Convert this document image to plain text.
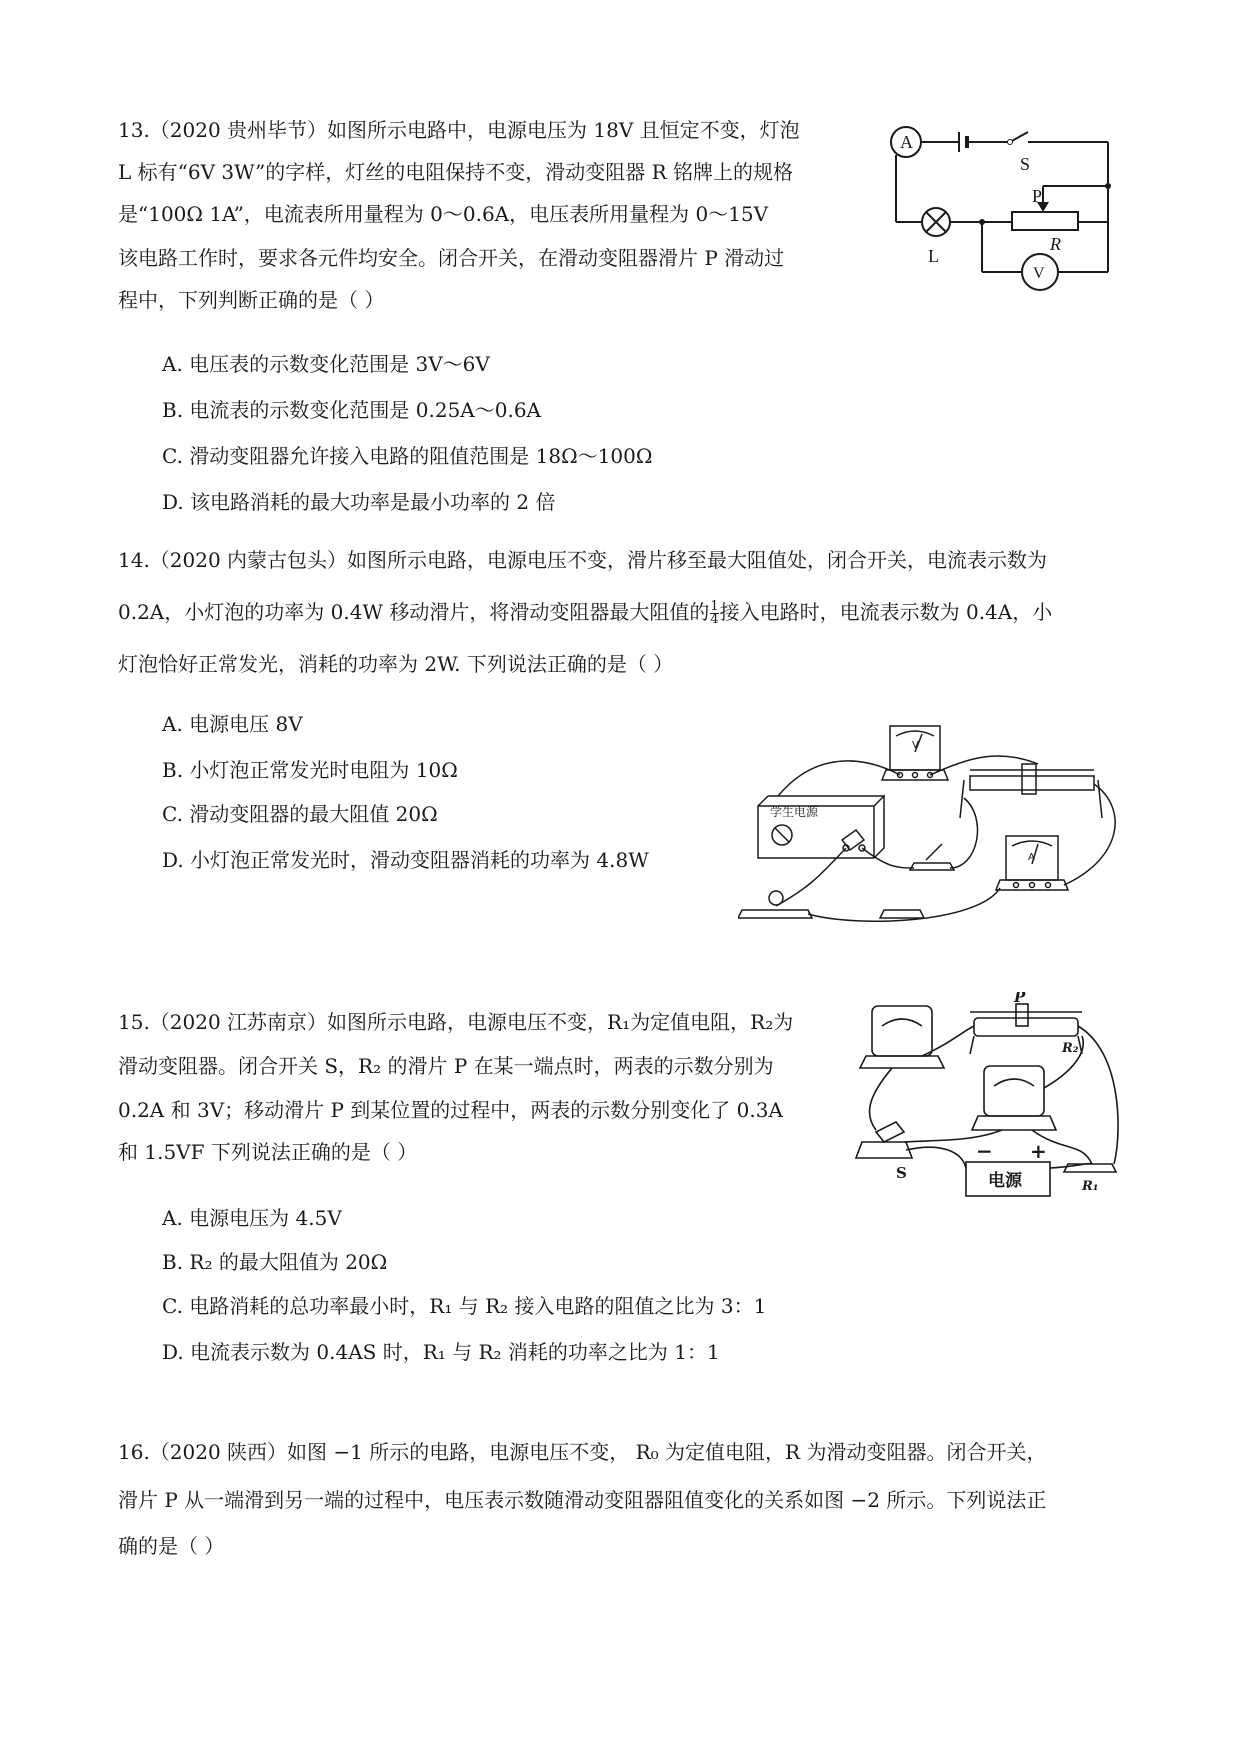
13.（2020 贵州毕节）如图所示电路中，电源电压为 18V 且恒定不变，灯泡
L 标有“6V 3W”的字样，灯丝的电阻保持不变，滑动变阻器 R 铭牌上的规格
是“100Ω 1A”，电流表所用量程为 0～0.6A，电压表所用量程为 0～15V
该电路工作时，要求各元件均安全。闭合开关，在滑动变阻器滑片 P 滑动过
程中，下列判断正确的是（ ）
A. 电压表的示数变化范围是 3V～6V
B. 电流表的示数变化范围是 0.25A～0.6A
C. 滑动变阻器允许接入电路的阻值范围是 18Ω～100Ω
D. 该电路消耗的最大功率是最小功率的 2 倍
A
S
P
R
L
V
14.（2020 内蒙古包头）如图所示电路，电源电压不变，滑片移至最大阻值处，闭合开关，电流表示数为
0.2A，小灯泡的功率为 0.4W 移动滑片，将滑动变阻器最大阻值的 $\frac{1}{4}$ 接入电路时，电流表示数为 0.4A，小
灯泡恰好正常发光，消耗的功率为 2W. 下列说法正确的是（ ）
A. 电源电压 8V
B. 小灯泡正常发光时电阻为 10Ω
C. 滑动变阻器的最大阻值 20Ω
D. 小灯泡正常发光时，滑动变阻器消耗的功率为 4.8W
学生电源
V
A
15.（2020 江苏南京）如图所示电路，电源电压不变，R₁为定值电阻，R₂为
滑动变阻器。闭合开关 S，R₂ 的滑片 P 在某一端点时，两表的示数分别为
0.2A 和 3V；移动滑片 P 到某位置的过程中，两表的示数分别变化了 0.3A
和 1.5VF 下列说法正确的是（ ）
A. 电源电压为 4.5V
B. R₂ 的最大阻值为 20Ω
C. 电路消耗的总功率最小时，R₁ 与 R₂ 接入电路的阻值之比为 3：1
D. 电流表示数为 0.4AS 时，R₁ 与 R₂ 消耗的功率之比为 1：1
P
R₂
S	电源	R₁
− +
16.（2020 陕西）如图 −1 所示的电路，电源电压不变， R₀ 为定值电阻，R 为滑动变阻器。闭合开关，
滑片 P 从一端滑到另一端的过程中，电压表示数随滑动变阻器阻值变化的关系如图 −2 所示。下列说法正
确的是（ ）
